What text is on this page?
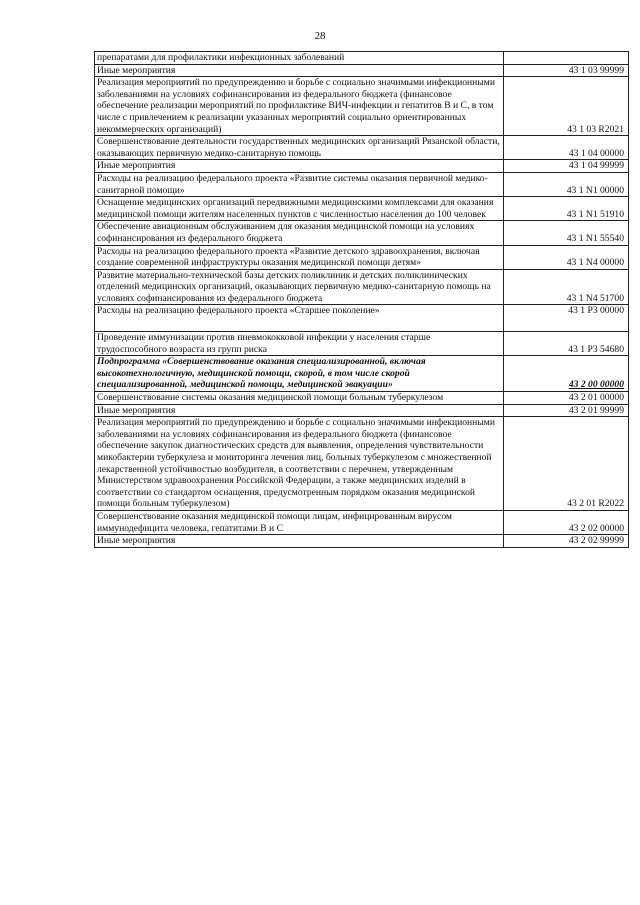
28
препаратами для профилактики инфекционных заболеваний	
Иные мероприятия	43 1 03 99999
Реализация мероприятий по предупреждению и борьбе с социально значимыми инфекционными заболеваниями на условиях софинансирования из федерального бюджета (финансовое обеспечение реализации мероприятий по профилактике ВИЧ-инфекции и гепатитов В и С, в том числе с привлечением к реализации указанных мероприятий социально ориентированных некоммерческих организаций)	43 1 03 R2021
Совершенствование деятельности государственных медицинских организаций Рязанской области, оказывающих первичную медико-санитарную помощь	43 1 04 00000
Иные мероприятия	43 1 04 99999
Расходы на реализацию федерального проекта «Развитие системы оказания первичной медико-санитарной помощи»	43 1 N1 00000
Оснащение медицинских организаций передвижными медицинскими комплексами для оказания медицинской помощи жителям населенных пунктов с численностью населения до 100 человек	43 1 N1 51910
Обеспечение авиационным обслуживанием для оказания медицинской помощи на условиях софинансирования из федерального бюджета	43 1 N1 55540
Расходы на реализацию федерального проекта «Развитие детского здравоохранения, включая создание современной инфраструктуры оказания медицинской помощи детям»	43 1 N4 00000
Развитие материально-технической базы детских поликлиник и детских поликлинических отделений медицинских организаций, оказывающих первичную медико-санитарную помощь на условиях софинансирования из федерального бюджета	43 1 N4 51700
Расходы на реализацию федерального проекта «Старшее поколение»	43 1 P3 00000
Проведение иммунизации против пневмококковой инфекции у населения старше трудоспособного возраста из групп риска	43 1 P3 54680
Подпрограмма «Совершенствование оказания специализированной, включая высокотехнологичную, медицинской помощи, скорой, в том числе скорой специализированной, медицинской помощи, медицинской эвакуации»	43 2 00 00000
Совершенствование системы оказания медицинской помощи больным туберкулезом	43 2 01 00000
Иные мероприятия	43 2 01 99999
Реализация мероприятий по предупреждению и борьбе с социально значимыми инфекционными заболеваниями на условиях софинансирования из федерального бюджета (финансовое обеспечение закупок диагностических средств для выявления, определения чувствительности микобактерии туберкулеза и мониторинга лечения лиц, больных туберкулезом с множественной лекарственной устойчивостью возбудителя, в соответствии с перечнем, утвержденным Министерством здравоохранения Российской Федерации, а также медицинских изделий в соответствии со стандартом оснащения, предусмотренным порядком оказания медицинской помощи больным туберкулезом)	43 2 01 R2022
Совершенствование оказания медицинской помощи лицам, инфицированным вирусом иммунодефицита человека, гепатитами В и С	43 2 02 00000
Иные мероприятия	43 2 02 99999
